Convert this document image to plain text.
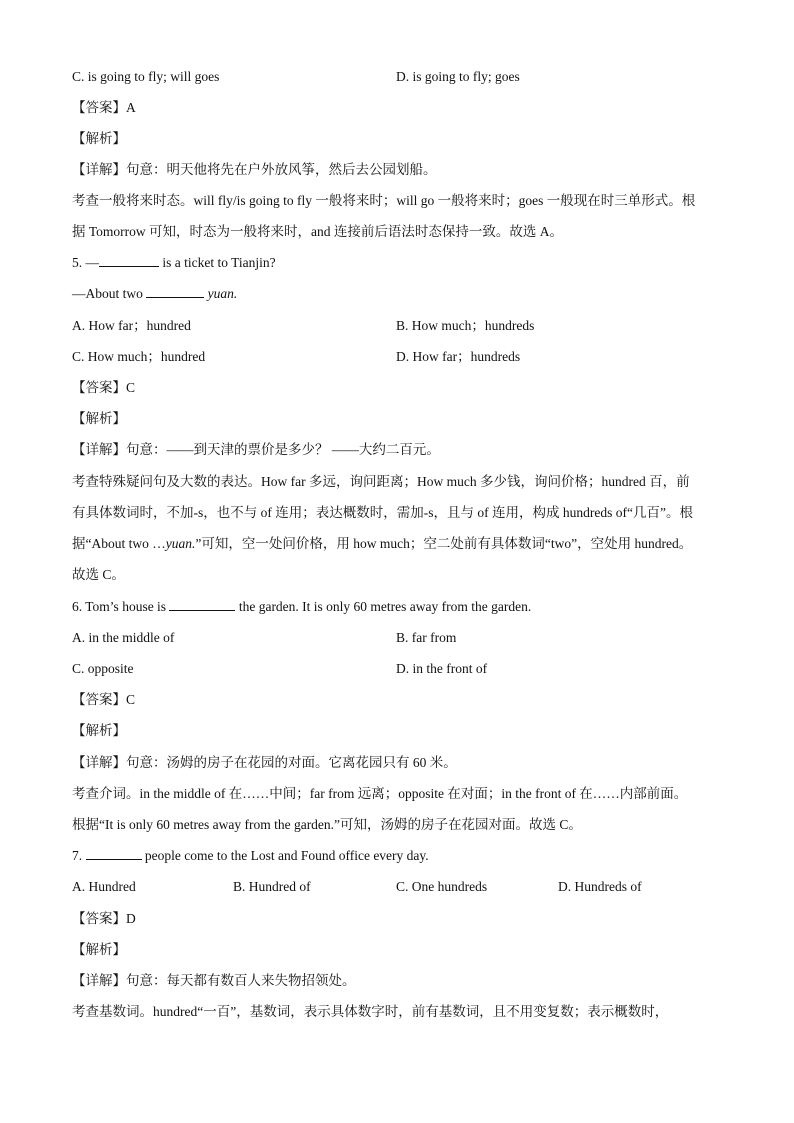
C. is going to fly; will goes	D. is going to fly; goes
【答案】A
【解析】
【详解】句意：明天他将先在户外放风筝，然后去公园划船。
考查一般将来时态。will fly/is going to fly 一般将来时；will go 一般将来时；goes 一般现在时三单形式。根
据 Tomorrow 可知，时态为一般将来时，and 连接前后语法时态保持一致。故选 A。
5. —	is a ticket to Tianjin?
—About two	yuan.
A. How far；hundred	B. How much；hundreds
C. How much；hundred	D. How far；hundreds
【答案】C
【解析】
【详解】句意：——到天津的票价是多少？ ——大约二百元。
考查特殊疑问句及大数的表达。How far 多远，询问距离；How much 多少钱，询问价格；hundred 百，前
有具体数词时，不加-s，也不与 of 连用；表达概数时，需加-s，且与 of 连用，构成 hundreds of“几百”。根
据“About two …yuan.”可知，空一处问价格，用 how much；空二处前有具体数词“two”，空处用 hundred。
故选 C。
6. Tom’s house is	the garden. It is only 60 metres away from the garden.
A. in the middle of	B. far from
C. opposite	D. in the front of
【答案】C
【解析】
【详解】句意：汤姆的房子在花园的对面。它离花园只有 60 米。
考查介词。in the middle of 在……中间；far from 远离；opposite 在对面；in the front of 在……内部前面。
根据“It is only 60 metres away from the garden.”可知，汤姆的房子在花园对面。故选 C。
7.	people come to the Lost and Found office every day.
A. Hundred	B. Hundred of	C. One hundreds	D. Hundreds of
【答案】D
【解析】
【详解】句意：每天都有数百人来失物招领处。
考查基数词。hundred“一百”，基数词，表示具体数字时，前有基数词，且不用变复数；表示概数时，
